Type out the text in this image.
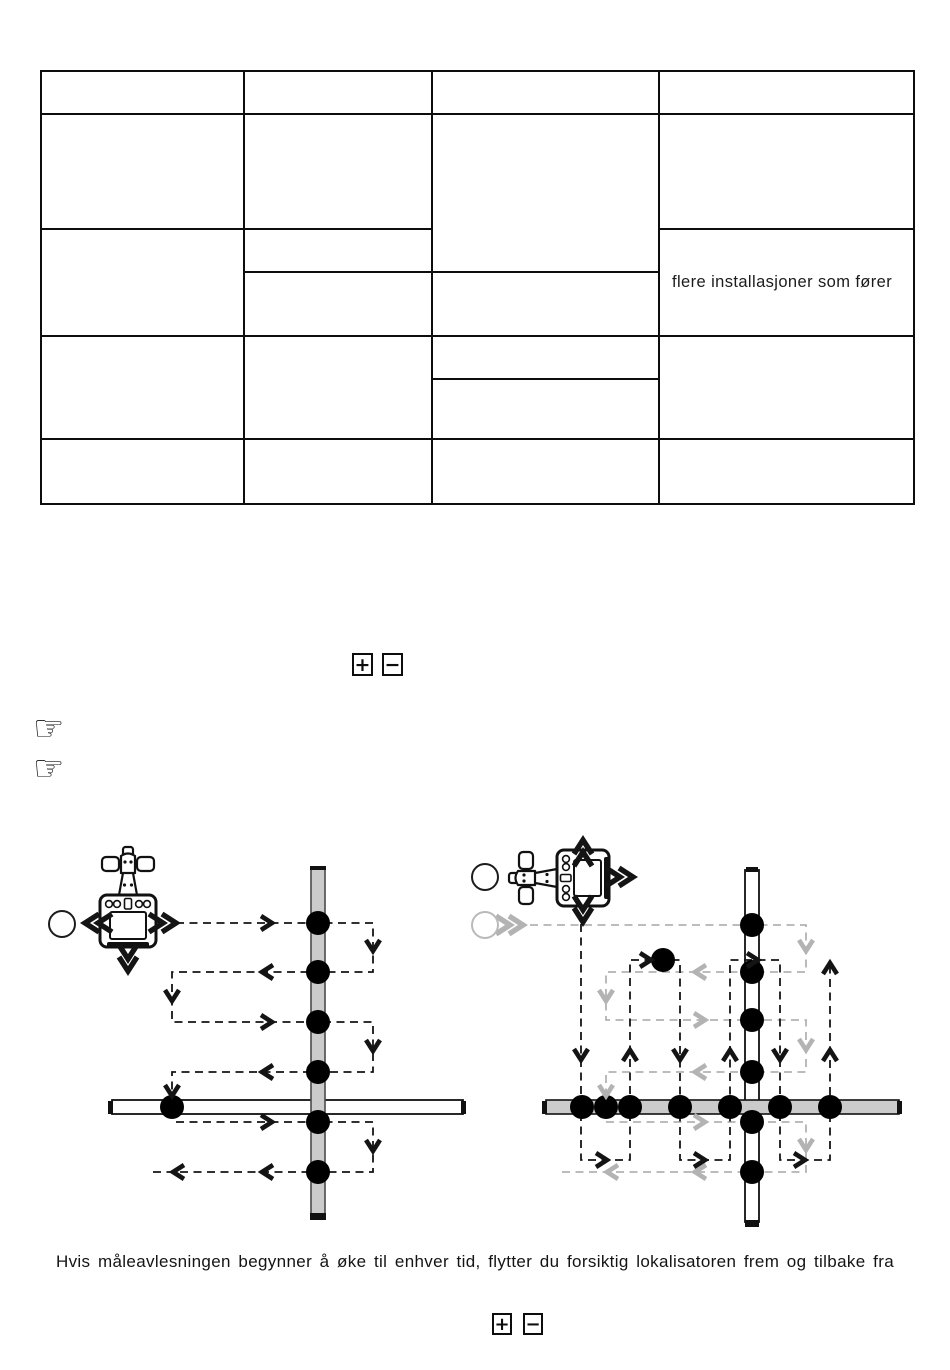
			flere installasjoner som fører

+ −
☞
☞
Hvis måleavlesningen begynner å øke til enhver tid, flytter du forsiktig lokalisatoren frem og tilbake fra
+ −
